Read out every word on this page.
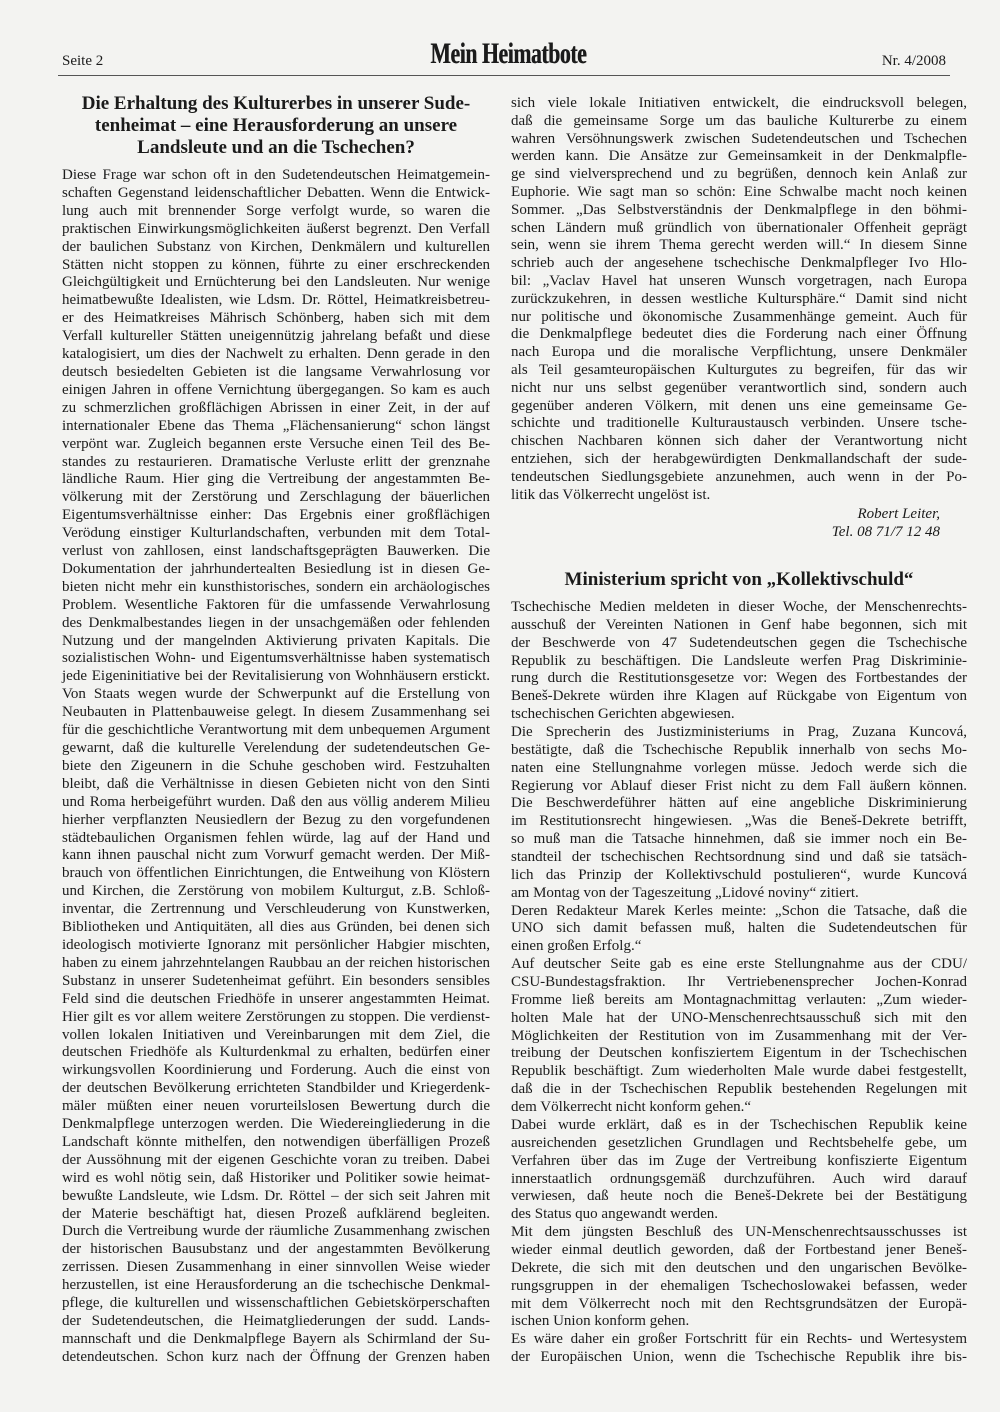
Seite 2	Mein Heimatbote	Nr. 4/2008
Die Erhaltung des Kulturerbes in unserer Sude-
tenheimat – eine Herausforderung an unsere
Landsleute und an die Tschechen?
Diese Frage war schon oft in den Sudetendeutschen Heimatgemein-
schaften Gegenstand leidenschaftlicher Debatten. Wenn die Entwick-
lung auch mit brennender Sorge verfolgt wurde, so waren die
praktischen Einwirkungsmöglichkeiten äußerst begrenzt. Den Verfall
der baulichen Substanz von Kirchen, Denkmälern und kulturellen
Stätten nicht stoppen zu können, führte zu einer erschreckenden
Gleichgültigkeit und Ernüchterung bei den Landsleuten. Nur wenige
heimatbewußte Idealisten, wie Ldsm. Dr. Röttel, Heimatkreisbetreu-
er des Heimatkreises Mährisch Schönberg, haben sich mit dem
Verfall kultureller Stätten uneigennützig jahrelang befaßt und diese
katalogisiert, um dies der Nachwelt zu erhalten. Denn gerade in den
deutsch besiedelten Gebieten ist die langsame Verwahrlosung vor
einigen Jahren in offene Vernichtung übergegangen. So kam es auch
zu schmerzlichen großflächigen Abrissen in einer Zeit, in der auf
internationaler Ebene das Thema „Flächensanierung“ schon längst
verpönt war. Zugleich begannen erste Versuche einen Teil des Be-
standes zu restaurieren. Dramatische Verluste erlitt der grenznahe
ländliche Raum. Hier ging die Vertreibung der angestammten Be-
völkerung mit der Zerstörung und Zerschlagung der bäuerlichen
Eigentumsverhältnisse einher: Das Ergebnis einer großflächigen
Verödung einstiger Kulturlandschaften, verbunden mit dem Total-
verlust von zahllosen, einst landschaftsgeprägten Bauwerken. Die
Dokumentation der jahrhundertealten Besiedlung ist in diesen Ge-
bieten nicht mehr ein kunsthistorisches, sondern ein archäologisches
Problem. Wesentliche Faktoren für die umfassende Verwahrlosung
des Denkmalbestandes liegen in der unsachgemäßen oder fehlenden
Nutzung und der mangelnden Aktivierung privaten Kapitals. Die
sozialistischen Wohn- und Eigentumsverhältnisse haben systematisch
jede Eigeninitiative bei der Revitalisierung von Wohnhäusern erstickt.
Von Staats wegen wurde der Schwerpunkt auf die Erstellung von
Neubauten in Plattenbauweise gelegt. In diesem Zusammenhang sei
für die geschichtliche Verantwortung mit dem unbequemen Argument
gewarnt, daß die kulturelle Verelendung der sudetendeutschen Ge-
biete den Zigeunern in die Schuhe geschoben wird. Festzuhalten
bleibt, daß die Verhältnisse in diesen Gebieten nicht von den Sinti
und Roma herbeigeführt wurden. Daß den aus völlig anderem Milieu
hierher verpflanzten Neusiedlern der Bezug zu den vorgefundenen
städtebaulichen Organismen fehlen würde, lag auf der Hand und
kann ihnen pauschal nicht zum Vorwurf gemacht werden. Der Miß-
brauch von öffentlichen Einrichtungen, die Entweihung von Klöstern
und Kirchen, die Zerstörung von mobilem Kulturgut, z.B. Schloß-
inventar, die Zertrennung und Verschleuderung von Kunstwerken,
Bibliotheken und Antiquitäten, all dies aus Gründen, bei denen sich
ideologisch motivierte Ignoranz mit persönlicher Habgier mischten,
haben zu einem jahrzehntelangen Raubbau an der reichen historischen
Substanz in unserer Sudetenheimat geführt. Ein besonders sensibles
Feld sind die deutschen Friedhöfe in unserer angestammten Heimat.
Hier gilt es vor allem weitere Zerstörungen zu stoppen. Die verdienst-
vollen lokalen Initiativen und Vereinbarungen mit dem Ziel, die
deutschen Friedhöfe als Kulturdenkmal zu erhalten, bedürfen einer
wirkungsvollen Koordinierung und Forderung. Auch die einst von
der deutschen Bevölkerung errichteten Standbilder und Kriegerdenk-
mäler müßten einer neuen vorurteilslosen Bewertung durch die
Denkmalpflege unterzogen werden. Die Wiedereingliederung in die
Landschaft könnte mithelfen, den notwendigen überfälligen Prozeß
der Aussöhnung mit der eigenen Geschichte voran zu treiben. Dabei
wird es wohl nötig sein, daß Historiker und Politiker sowie heimat-
bewußte Landsleute, wie Ldsm. Dr. Röttel – der sich seit Jahren mit
der Materie beschäftigt hat, diesen Prozeß aufklärend begleiten.
Durch die Vertreibung wurde der räumliche Zusammenhang zwischen
der historischen Bausubstanz und der angestammten Bevölkerung
zerrissen. Diesen Zusammenhang in einer sinnvollen Weise wieder
herzustellen, ist eine Herausforderung an die tschechische Denkmal-
pflege, die kulturellen und wissenschaftlichen Gebietskörperschaften
der Sudetendeutschen, die Heimatgliederungen der sudd. Lands-
mannschaft und die Denkmalpflege Bayern als Schirmland der Su-
detendeutschen. Schon kurz nach der Öffnung der Grenzen haben
sich viele lokale Initiativen entwickelt, die eindrucksvoll belegen,
daß die gemeinsame Sorge um das bauliche Kulturerbe zu einem
wahren Versöhnungswerk zwischen Sudetendeutschen und Tschechen
werden kann. Die Ansätze zur Gemeinsamkeit in der Denkmalpfle-
ge sind vielversprechend und zu begrüßen, dennoch kein Anlaß zur
Euphorie. Wie sagt man so schön: Eine Schwalbe macht noch keinen
Sommer. „Das Selbstverständnis der Denkmalpflege in den böhmi-
schen Ländern muß gründlich von übernationaler Offenheit geprägt
sein, wenn sie ihrem Thema gerecht werden will.“ In diesem Sinne
schrieb auch der angesehene tschechische Denkmalpfleger Ivo Hlo-
bil: „Vaclav Havel hat unseren Wunsch vorgetragen, nach Europa
zurückzukehren, in dessen westliche Kultursphäre.“ Damit sind nicht
nur politische und ökonomische Zusammenhänge gemeint. Auch für
die Denkmalpflege bedeutet dies die Forderung nach einer Öffnung
nach Europa und die moralische Verpflichtung, unsere Denkmäler
als Teil gesamteuropäischen Kulturgutes zu begreifen, für das wir
nicht nur uns selbst gegenüber verantwortlich sind, sondern auch
gegenüber anderen Völkern, mit denen uns eine gemeinsame Ge-
schichte und traditionelle Kulturaustausch verbinden. Unsere tsche-
chischen Nachbaren können sich daher der Verantwortung nicht
entziehen, sich der herabgewürdigten Denkmallandschaft der sude-
tendeutschen Siedlungsgebiete anzunehmen, auch wenn in der Po-
litik das Völkerrecht ungelöst ist.
Robert Leiter,
Tel. 08 71/7 12 48
Ministerium spricht von „Kollektivschuld“
Tschechische Medien meldeten in dieser Woche, der Menschenrechts-
ausschuß der Vereinten Nationen in Genf habe begonnen, sich mit
der Beschwerde von 47 Sudetendeutschen gegen die Tschechische
Republik zu beschäftigen. Die Landsleute werfen Prag Diskriminie-
rung durch die Restitutionsgesetze vor: Wegen des Fortbestandes der
Beneš-Dekrete würden ihre Klagen auf Rückgabe von Eigentum von
tschechischen Gerichten abgewiesen.
Die Sprecherin des Justizministeriums in Prag, Zuzana Kuncová,
bestätigte, daß die Tschechische Republik innerhalb von sechs Mo-
naten eine Stellungnahme vorlegen müsse. Jedoch werde sich die
Regierung vor Ablauf dieser Frist nicht zu dem Fall äußern können.
Die Beschwerdeführer hätten auf eine angebliche Diskriminierung
im Restitutionsrecht hingewiesen. „Was die Beneš-Dekrete betrifft,
so muß man die Tatsache hinnehmen, daß sie immer noch ein Be-
standteil der tschechischen Rechtsordnung sind und daß sie tatsäch-
lich das Prinzip der Kollektivschuld postulieren“, wurde Kuncová
am Montag von der Tageszeitung „Lidové noviny“ zitiert.
Deren Redakteur Marek Kerles meinte: „Schon die Tatsache, daß die
UNO sich damit befassen muß, halten die Sudetendeutschen für
einen großen Erfolg.“
Auf deutscher Seite gab es eine erste Stellungnahme aus der CDU/
CSU-Bundestagsfraktion. Ihr Vertriebenensprecher Jochen-Konrad
Fromme ließ bereits am Montagnachmittag verlauten: „Zum wieder-
holten Male hat der UNO-Menschenrechtsausschuß sich mit den
Möglichkeiten der Restitution von im Zusammenhang mit der Ver-
treibung der Deutschen konfisziertem Eigentum in der Tschechischen
Republik beschäftigt. Zum wiederholten Male wurde dabei festgestellt,
daß die in der Tschechischen Republik bestehenden Regelungen mit
dem Völkerrecht nicht konform gehen.“
Dabei wurde erklärt, daß es in der Tschechischen Republik keine
ausreichenden gesetzlichen Grundlagen und Rechtsbehelfe gebe, um
Verfahren über das im Zuge der Vertreibung konfiszierte Eigentum
innerstaatlich ordnungsgemäß durchzuführen. Auch wird darauf
verwiesen, daß heute noch die Beneš-Dekrete bei der Bestätigung
des Status quo angewandt werden.
Mit dem jüngsten Beschluß des UN-Menschenrechtsausschusses ist
wieder einmal deutlich geworden, daß der Fortbestand jener Beneš-
Dekrete, die sich mit den deutschen und den ungarischen Bevölke-
rungsgruppen in der ehemaligen Tschechoslowakei befassen, weder
mit dem Völkerrecht noch mit den Rechtsgrundsätzen der Europä-
ischen Union konform gehen.
Es wäre daher ein großer Fortschritt für ein Rechts- und Wertesystem
der Europäischen Union, wenn die Tschechische Republik ihre bis-
